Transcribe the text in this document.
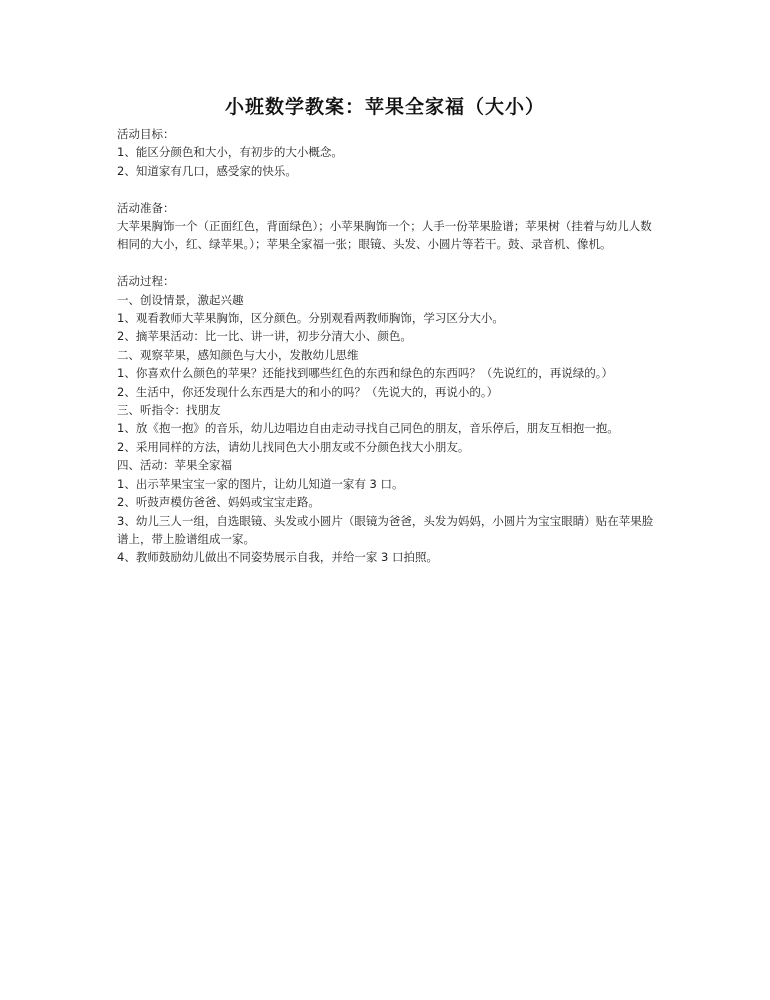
小班数学教案：苹果全家福（大小）

活动目标：

1、能区分颜色和大小，有初步的大小概念。

2、知道家有几口，感受家的快乐。

活动准备：

大苹果胸饰一个（正面红色，背面绿色）；小苹果胸饰一个；人手一份苹果脸谱；苹果树（挂着与幼儿人数相同的大小，红、绿苹果。）；苹果全家福一张；眼镜、头发、小圆片等若干。鼓、录音机、像机。

活动过程：

一、创设情景，激起兴趣

1、观看教师大苹果胸饰，区分颜色。分别观看两教师胸饰，学习区分大小。

2、摘苹果活动：比一比、讲一讲，初步分清大小、颜色。

二、观察苹果，感知颜色与大小，发散幼儿思维

1、你喜欢什么颜色的苹果？还能找到哪些红色的东西和绿色的东西吗？（先说红的，再说绿的。）

2、生活中，你还发现什么东西是大的和小的吗？（先说大的，再说小的。）

三、听指令：找朋友

1、放《抱一抱》的音乐，幼儿边唱边自由走动寻找自己同色的朋友，音乐停后，朋友互相抱一抱。

2、采用同样的方法，请幼儿找同色大小朋友或不分颜色找大小朋友。

四、活动：苹果全家福

1、出示苹果宝宝一家的图片，让幼儿知道一家有 3 口。

2、听鼓声模仿爸爸、妈妈或宝宝走路。

3、幼儿三人一组，自选眼镜、头发或小圆片（眼镜为爸爸，头发为妈妈，小圆片为宝宝眼睛）贴在苹果脸谱上，带上脸谱组成一家。

4、教师鼓励幼儿做出不同姿势展示自我，并给一家 3 口拍照。
